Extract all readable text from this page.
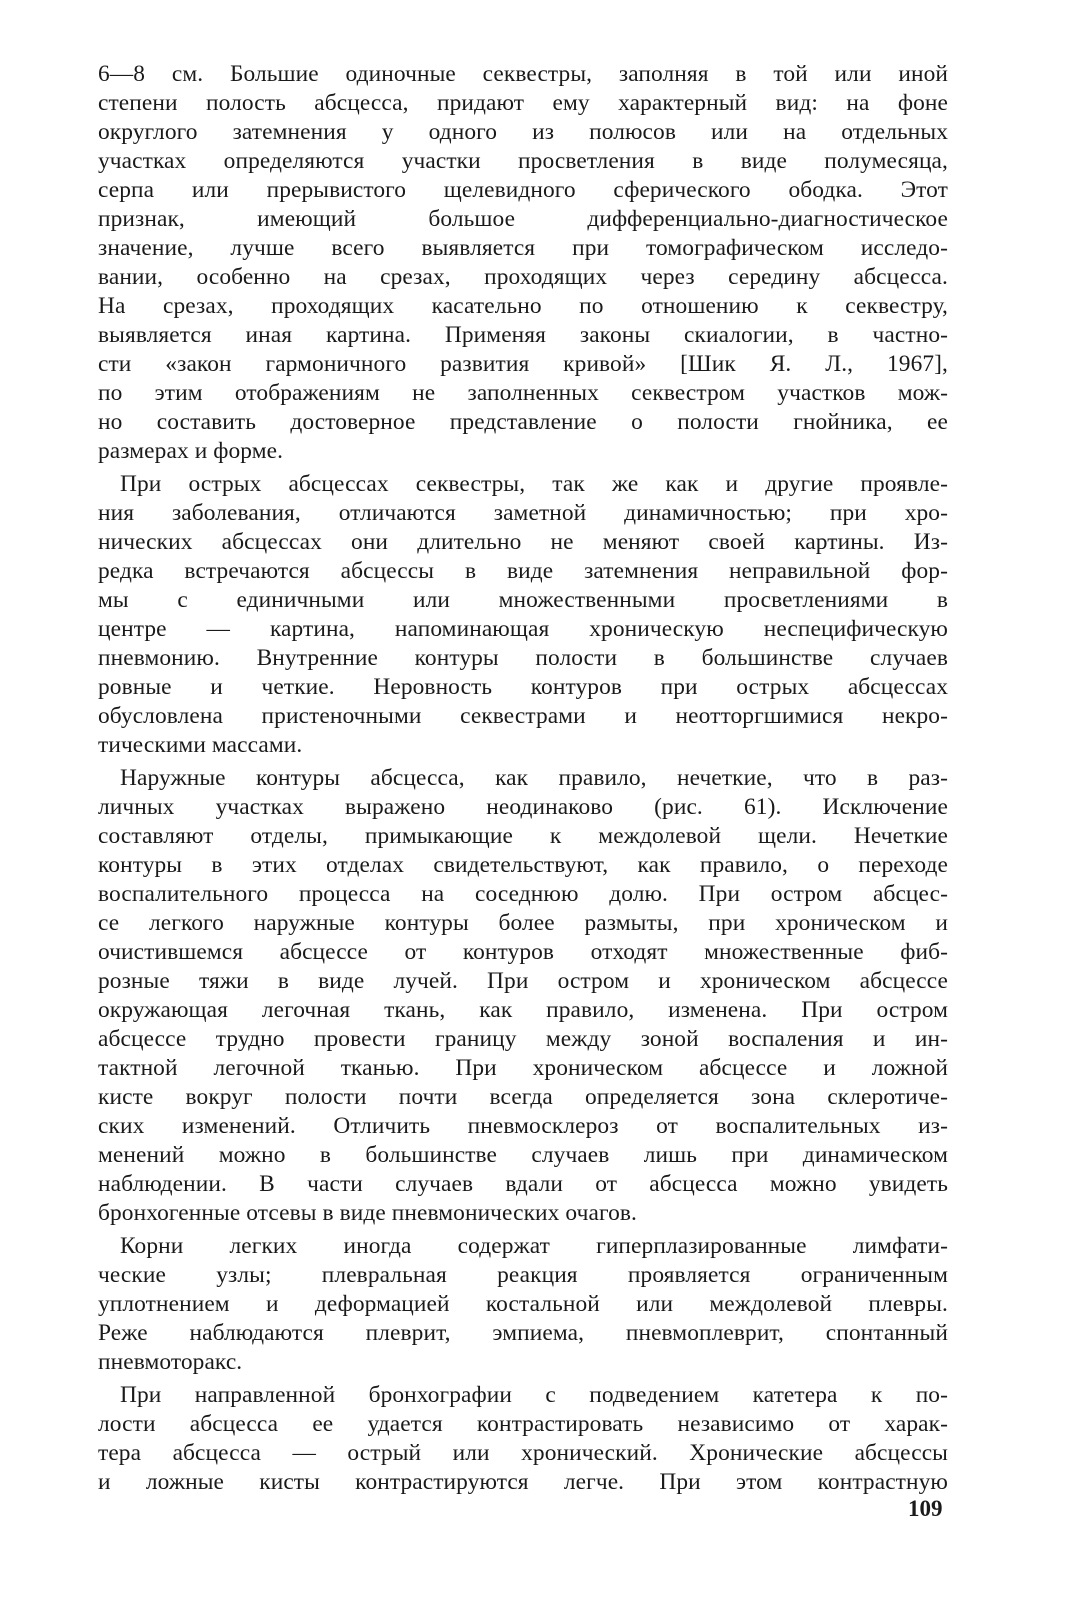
6—8 см. Большие одиночные секвестры, заполняя в той или иной
степени полость абсцесса, придают ему характерный вид: на фоне
округлого затемнения у одного из полюсов или на отдельных
участках определяются участки просветления в виде полумесяца,
серпа или прерывистого щелевидного сферического ободка. Этот
признак, имеющий большое дифференциально-диагностическое
значение, лучше всего выявляется при томографическом исследо-
вании, особенно на срезах, проходящих через середину абсцесса.
На срезах, проходящих касательно по отношению к секвестру,
выявляется иная картина. Применяя законы скиалогии, в частно-
сти «закон гармоничного развития кривой» [Шик Я. Л., 1967],
по этим отображениям не заполненных секвестром участков мож-
но составить достоверное представление о полости гнойника, ее
размерах и форме.
При острых абсцессах секвестры, так же как и другие проявле-
ния заболевания, отличаются заметной динамичностью; при хро-
нических абсцессах они длительно не меняют своей картины. Из-
редка встречаются абсцессы в виде затемнения неправильной фор-
мы с единичными или множественными просветлениями в
центре — картина, напоминающая хроническую неспецифическую
пневмонию. Внутренние контуры полости в большинстве случаев
ровные и четкие. Неровность контуров при острых абсцессах
обусловлена пристеночными секвестрами и неотторгшимися некро-
тическими массами.
Наружные контуры абсцесса, как правило, нечеткие, что в раз-
личных участках выражено неодинаково (рис. 61). Исключение
составляют отделы, примыкающие к междолевой щели. Нечеткие
контуры в этих отделах свидетельствуют, как правило, о переходе
воспалительного процесса на соседнюю долю. При остром абсцес-
се легкого наружные контуры более размыты, при хроническом и
очистившемся абсцессе от контуров отходят множественные фиб-
розные тяжи в виде лучей. При остром и хроническом абсцессе
окружающая легочная ткань, как правило, изменена. При остром
абсцессе трудно провести границу между зоной воспаления и ин-
тактной легочной тканью. При хроническом абсцессе и ложной
кисте вокруг полости почти всегда определяется зона склеротиче-
ских изменений. Отличить пневмосклероз от воспалительных из-
менений можно в большинстве случаев лишь при динамическом
наблюдении. В части случаев вдали от абсцесса можно увидеть
бронхогенные отсевы в виде пневмонических очагов.
Корни легких иногда содержат гиперплазированные лимфати-
ческие узлы; плевральная реакция проявляется ограниченным
уплотнением и деформацией костальной или междолевой плевры.
Реже наблюдаются плеврит, эмпиема, пневмоплеврит, спонтанный
пневмоторакс.
При направленной бронхографии с подведением катетера к по-
лости абсцесса ее удается контрастировать независимо от харак-
тера абсцесса — острый или хронический. Хронические абсцессы
и ложные кисты контрастируются легче. При этом контрастную
109
